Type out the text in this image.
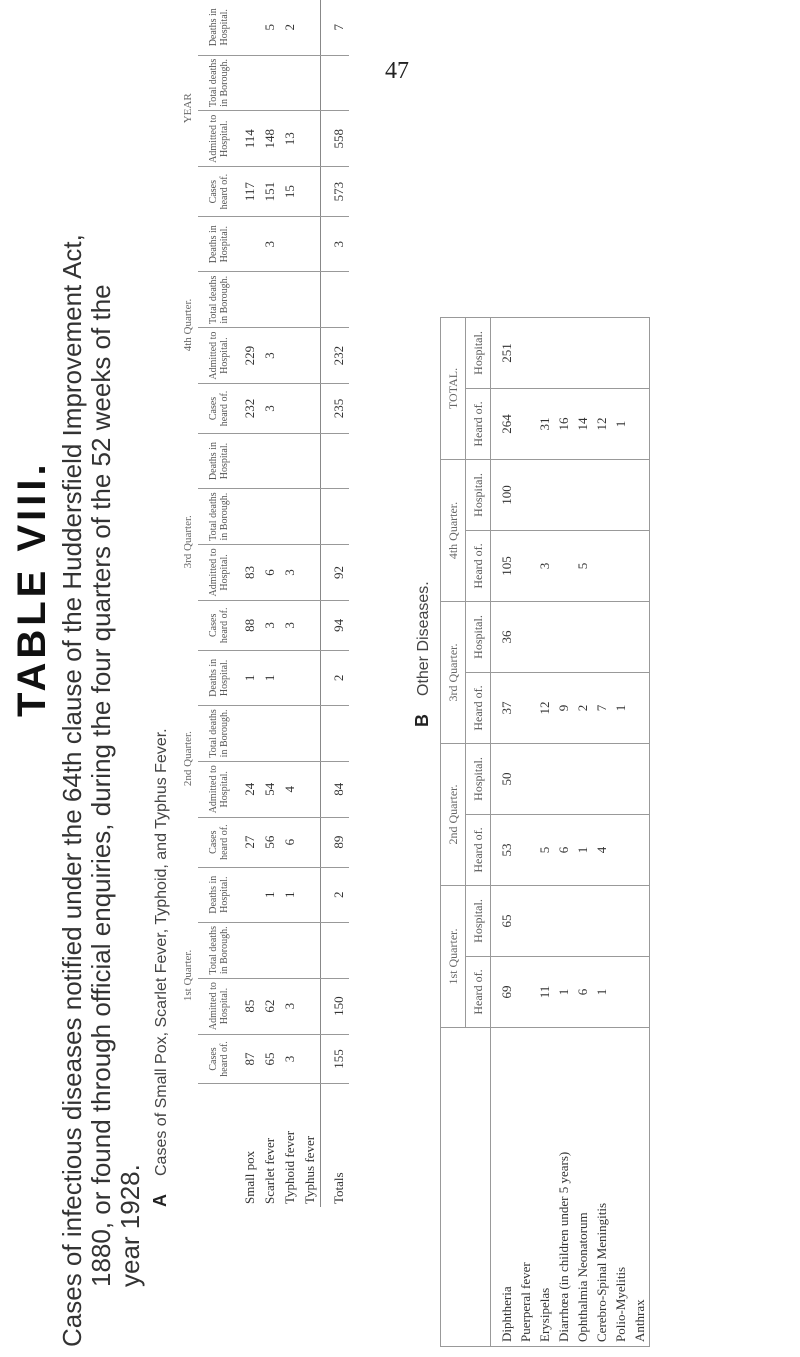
47
TABLE VIII. Cases of infectious diseases notified under the 64th clause of the Huddersfield Improvement Act, 1880, or found through official enquiries, during the four quarters of the 52 weeks of the year 1928. ACases of Small Pox, Scarlet Fever, Typhoid, and Typhus Fever.
	1st Quarter.				2nd Quarter.				3rd Quarter.				4th Quarter.				YEAR			
	Cases heard of.	Admitted to Hospital.	Total deaths in Borough.	Deaths in Hospital.	Cases heard of.	Admitted to Hospital.	Total deaths in Borough.	Deaths in Hospital.	Cases heard of.	Admitted to Hospital.	Total deaths in Borough.	Deaths in Hospital.	Cases heard of.	Admitted to Hospital.	Total deaths in Borough.	Deaths in Hospital.	Cases heard of.	Admitted to Hospital.	Total deaths in Borough.	Deaths in Hospital.
Small pox	87	85			27	24		1	88	83			232	229			117	114		
Scarlet fever	65	62		1	56	54		1	3	6			3	3		3	151	148		5
Typhoid fever	3	3		1	6	4			3	3							15	13		2
Typhus fever																				
Totals	155	150		2	89	84		2	94	92			235	232		3	573	558		7
BOther Diseases.
	1st Quarter.		2nd Quarter.		3rd Quarter.		4th Quarter.		TOTAL.	
	Heard of.	Hospital.	Heard of.	Hospital.	Heard of.	Hospital.	Heard of.	Hospital.	Heard of.	Hospital.
Diphtheria	69	65	53	50	37	36	105	100	264	251
Puerperal fever										
Erysipelas	11		5		12		3		31	
Diarrhœa (in children under 5 years)	1		6		9				16	
Ophthalmia Neonatorum	6		1		2		5		14	
Cerebro-Spinal Meningitis	1		4		7				12	
Polio-Myelitis					1				1	
Anthrax										
